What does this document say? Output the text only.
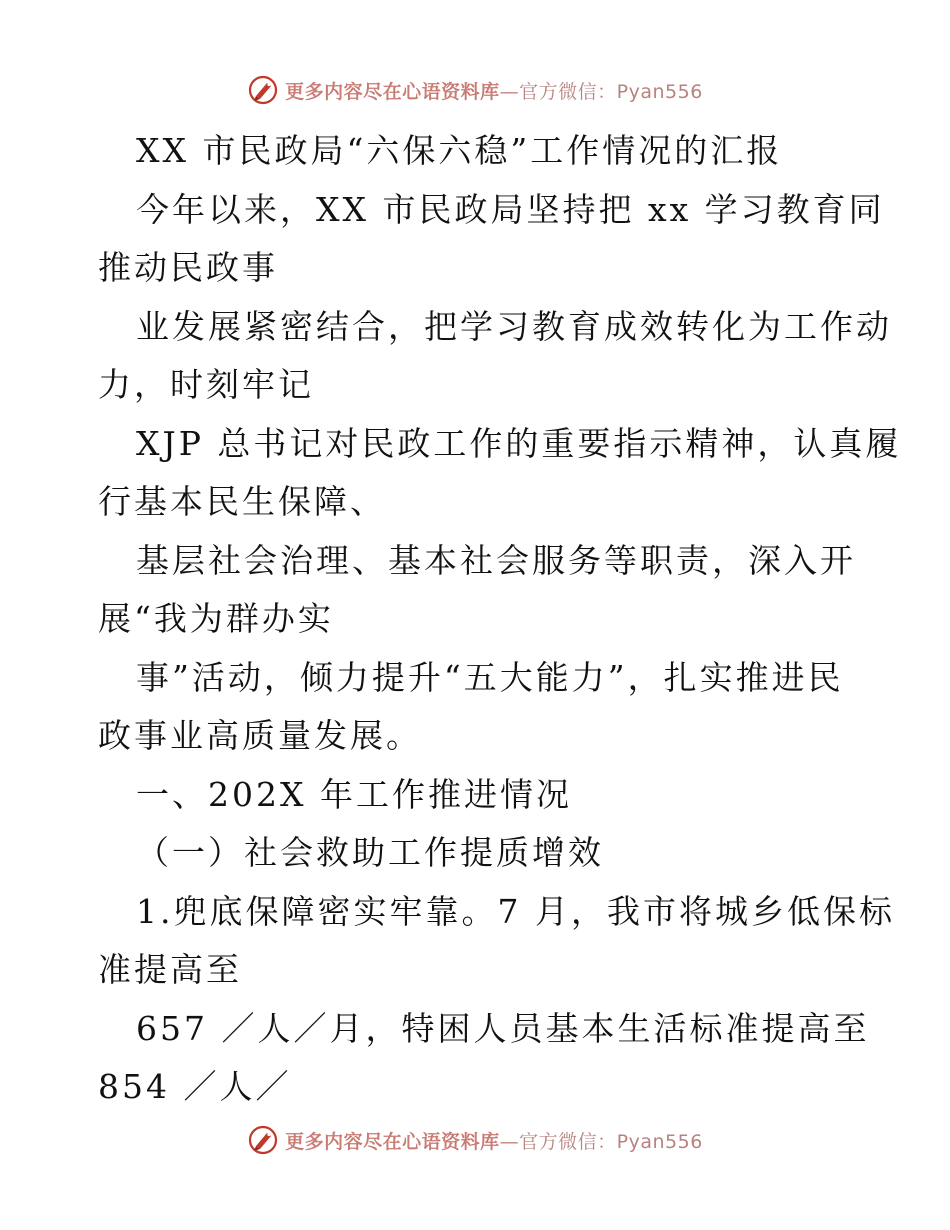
更多内容尽在心语资料库—官方微信：Pyan556
XX 市民政局“六保六稳”工作情况的汇报
今年以来，XX 市民政局坚持把 xx 学习教育同
推动民政事
业发展紧密结合，把学习教育成效转化为工作动
力，时刻牢记
XJP 总书记对民政工作的重要指示精神，认真履
行基本民生保障、
基层社会治理、基本社会服务等职责，深入开
展“我为群办实
事”活动，倾力提升“五大能力”，扎实推进民
政事业高质量发展。
一、202X 年工作推进情况
（一）社会救助工作提质增效
1.兜底保障密实牢靠。7 月，我市将城乡低保标
准提高至
657 ／人／月，特困人员基本生活标准提高至
854 ／人／
更多内容尽在心语资料库—官方微信：Pyan556
